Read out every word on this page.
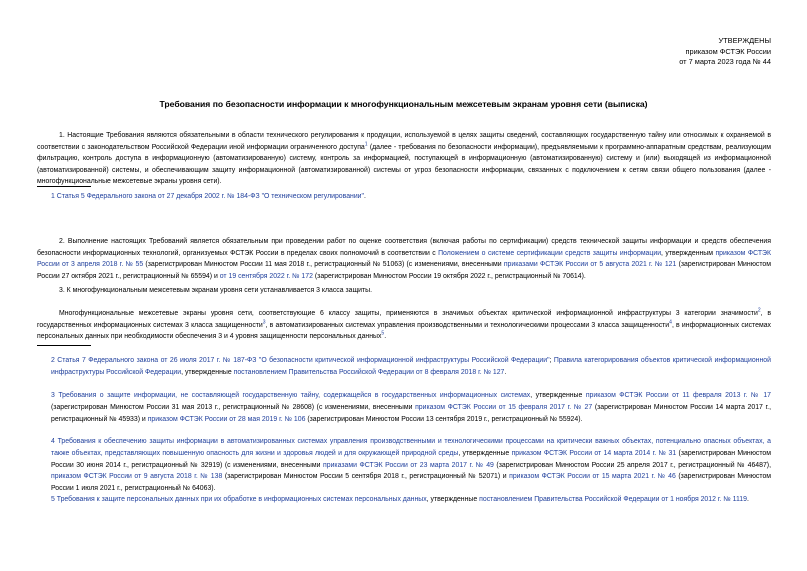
УТВЕРЖДЕНЫ
приказом ФСТЭК России
от 7 марта 2023 года № 44
Требования по безопасности информации к многофункциональным межсетевым экранам уровня сети (выписка)

1. Настоящие Требования являются обязательными в области технического регулирования к продукции, используемой в целях защиты сведений, составляющих государственную тайну или относимых к охраняемой в соответствии с законодательством Российской Федерации иной информации ограниченного доступа$^1$ (далее - требования по безопасности информации), предъявляемыми к программно-аппаратным средствам, реализующим фильтрацию, контроль доступа в информационную (автоматизированную) систему, контроль за информацией, поступающей в информационную (автоматизированную) систему и (или) выходящей из информационной (автоматизированной) системы, и обеспечивающим защиту информационной (автоматизированной) системы от угроз безопасности информации, связанных с подключением к сетям связи общего пользования (далее - многофункциональные межсетевые экраны уровня сети).

1 Статья 5 Федерального закона от 27 декабря 2002 г. № 184-ФЗ "О техническом регулировании".

2. Выполнение настоящих Требований является обязательным при проведении работ по оценке соответствия (включая работы по сертификации) средств технической защиты информации и средств обеспечения безопасности информационных технологий, организуемых ФСТЭК России в пределах своих полномочий в соответствии с Положением о системе сертификации средств защиты информации, утвержденным приказом ФСТЭК России от 3 апреля 2018 г. № 55 (зарегистрирован Минюстом России 11 мая 2018 г., регистрационный № 51063) (с изменениями, внесенными приказами ФСТЭК России от 5 августа 2021 г. № 121 (зарегистрирован Минюстом России 27 октября 2021 г., регистрационный № 65594) и от 19 сентября 2022 г. № 172 (зарегистрирован Минюстом России 19 октября 2022 г., регистрационный № 70614).

3. К многофункциональным межсетевым экранам уровня сети устанавливается 3 класса защиты.

Многофункциональные межсетевые экраны уровня сети, соответствующие 6 классу защиты, применяются в значимых объектах критической информационной инфраструктуры 3 категории значимости$^2$, в государственных информационных системах 3 класса защищенности$^3$, в автоматизированных системах управления производственными и технологическими процессами 3 класса защищенности$^4$, в информационных системах персональных данных при необходимости обеспечения 3 и 4 уровня защищенности персональных данных$^5$.

2 Статья 7 Федерального закона от 26 июля 2017 г. № 187-ФЗ "О безопасности критической информационной инфраструктуры Российской Федерации"; Правила категорирования объектов критической информационной инфраструктуры Российской Федерации, утвержденные постановлением Правительства Российской Федерации от 8 февраля 2018 г. № 127.

3 Требования о защите информации, не составляющей государственную тайну, содержащейся в государственных информационных системах, утвержденные приказом ФСТЭК России от 11 февраля 2013 г. № 17 (зарегистрирован Минюстом России 31 мая 2013 г., регистрационный № 28608) (с изменениями, внесенными приказом ФСТЭК России от 15 февраля 2017 г. № 27 (зарегистрирован Минюстом России 14 марта 2017 г., регистрационный № 45933) и приказом ФСТЭК России от 28 мая 2019 г. № 106 (зарегистрирован Минюстом России 13 сентября 2019 г., регистрационный № 55924).

4 Требования к обеспечению защиты информации в автоматизированных системах управления производственными и технологическими процессами на критически важных объектах, потенциально опасных объектах, а также объектах, представляющих повышенную опасность для жизни и здоровья людей и для окружающей природной среды, утвержденные приказом ФСТЭК России от 14 марта 2014 г. № 31 (зарегистрирован Минюстом России 30 июня 2014 г., регистрационный № 32919) (с изменениями, внесенными приказами ФСТЭК России от 23 марта 2017 г. № 49 (зарегистрирован Минюстом России 25 апреля 2017 г., регистрационный № 46487), приказом ФСТЭК России от 9 августа 2018 г. № 138 (зарегистрирован Минюстом России 5 сентября 2018 г., регистрационный № 52071) и приказом ФСТЭК России от 15 марта 2021 г. № 46 (зарегистрирован Минюстом России 1 июля 2021 г., регистрационный № 64063).

5 Требования к защите персональных данных при их обработке в информационных системах персональных данных, утвержденные постановлением Правительства Российской Федерации от 1 ноября 2012 г. № 1119.
